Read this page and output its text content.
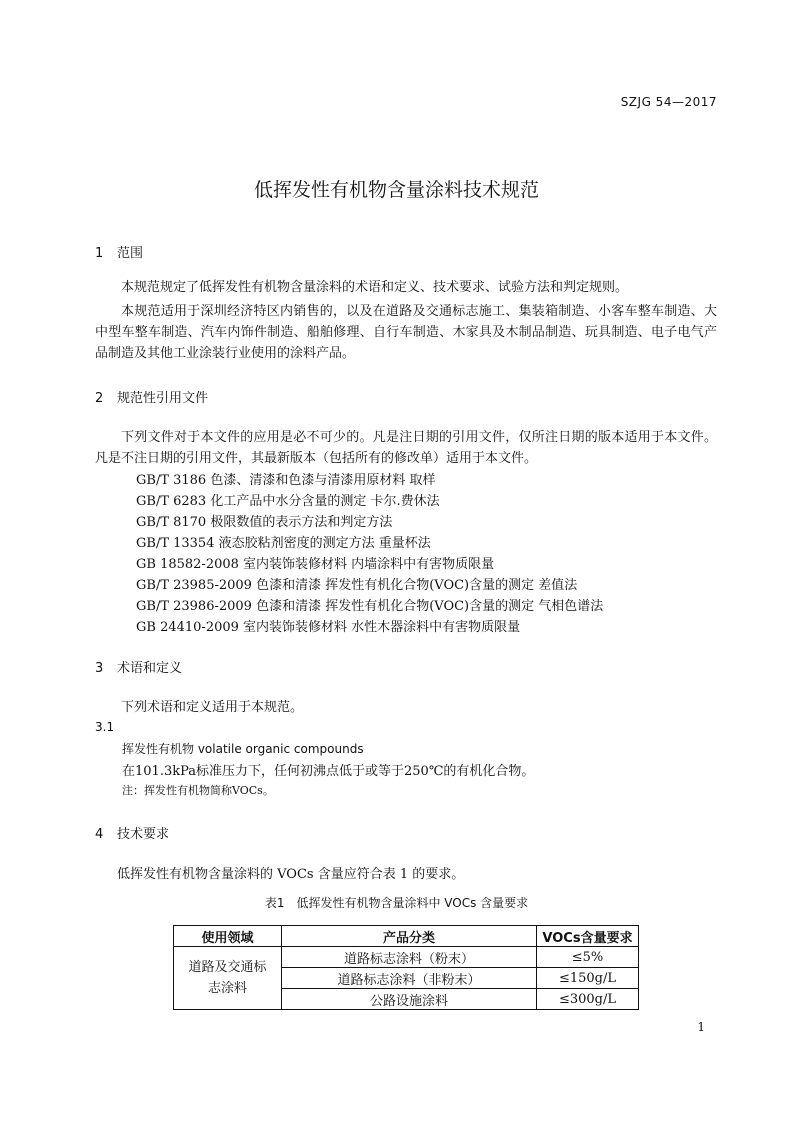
SZJG 54—2017
低挥发性有机物含量涂料技术规范
1 范围
本规范规定了低挥发性有机物含量涂料的术语和定义、技术要求、试验方法和判定规则。
本规范适用于深圳经济特区内销售的，以及在道路及交通标志施工、集装箱制造、小客车整车制造、大中型车整车制造、汽车内饰件制造、船舶修理、自行车制造、木家具及木制品制造、玩具制造、电子电气产品制造及其他工业涂装行业使用的涂料产品。
2 规范性引用文件
下列文件对于本文件的应用是必不可少的。凡是注日期的引用文件，仅所注日期的版本适用于本文件。凡是不注日期的引用文件，其最新版本（包括所有的修改单）适用于本文件。
GB/T 3186 色漆、清漆和色漆与清漆用原材料 取样
GB/T 6283 化工产品中水分含量的测定 卡尔.费休法
GB/T 8170 极限数值的表示方法和判定方法
GB/T 13354 液态胶粘剂密度的测定方法 重量杯法
GB 18582-2008 室内装饰装修材料 内墙涂料中有害物质限量
GB/T 23985-2009 色漆和清漆 挥发性有机化合物(VOC)含量的测定 差值法
GB/T 23986-2009 色漆和清漆 挥发性有机化合物(VOC)含量的测定 气相色谱法
GB 24410-2009 室内装饰装修材料 水性木器涂料中有害物质限量
3 术语和定义
下列术语和定义适用于本规范。
3.1
挥发性有机物 volatile organic compounds
在101.3kPa标准压力下，任何初沸点低于或等于250℃的有机化合物。
注：挥发性有机物简称VOCs。
4 技术要求
低挥发性有机物含量涂料的 VOCs 含量应符合表 1 的要求。
表1　低挥发性有机物含量涂料中 VOCs 含量要求
使用领域	产品分类	VOCs含量要求
道路及交通标
志涂料	道路标志涂料（粉末）	≤5%
	道路标志涂料（非粉末）	≤150g/L
	公路设施涂料	≤300g/L
1
